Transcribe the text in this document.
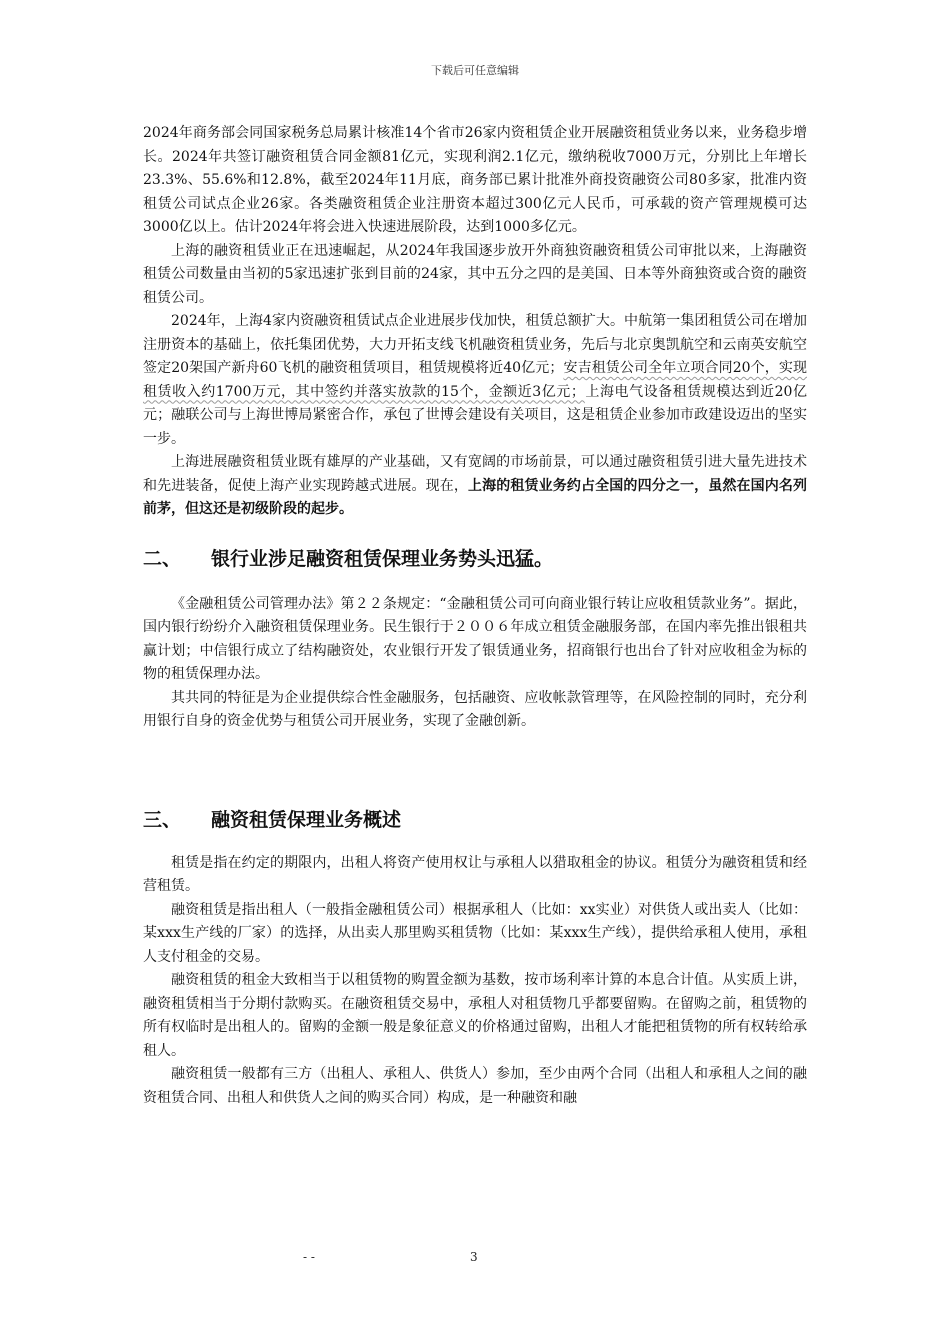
下载后可任意编辑

2024年商务部会同国家税务总局累计核准14个省市26家内资租赁企业开展融资租赁业务以来，业务稳步增长。2024年共签订融资租赁合同金额81亿元，实现利润2.1亿元，缴纳税收7000万元，分别比上年增长23.3%、55.6%和12.8%，截至2024年11月底，商务部已累计批准外商投资融资公司80多家，批准内资租赁公司试点企业26家。各类融资租赁企业注册资本超过300亿元人民币，可承载的资产管理规模可达3000亿以上。估计2024年将会进入快速进展阶段，达到1000多亿元。

上海的融资租赁业正在迅速崛起，从2024年我国逐步放开外商独资融资租赁公司审批以来，上海融资租赁公司数量由当初的5家迅速扩张到目前的24家，其中五分之四的是美国、日本等外商独资或合资的融资租赁公司。

2024年，上海4家内资融资租赁试点企业进展步伐加快，租赁总额扩大。中航第一集团租赁公司在增加注册资本的基础上，依托集团优势，大力开拓支线飞机融资租赁业务，先后与北京奥凯航空和云南英安航空签定20架国产新舟60飞机的融资租赁项目，租赁规模将近40亿元；安吉租赁公司全年立项合同20个，实现租赁收入约1700万元，其中签约并落实放款的15个，金额近3亿元；上海电气设备租赁规模达到近20亿元；融联公司与上海世博局紧密合作，承包了世博会建设有关项目，这是租赁企业参加市政建设迈出的坚实一步。

上海进展融资租赁业既有雄厚的产业基础，又有宽阔的市场前景，可以通过融资租赁引进大量先进技术和先进装备，促使上海产业实现跨越式进展。现在，上海的租赁业务约占全国的四分之一，虽然在国内名列前茅，但这还是初级阶段的起步。

二、 银行业涉足融资租赁保理业务势头迅猛。

《金融租赁公司管理办法》第２２条规定：“金融租赁公司可向商业银行转让应收租赁款业务”。据此，国内银行纷纷介入融资租赁保理业务。民生银行于２００６年成立租赁金融服务部，在国内率先推出银租共赢计划；中信银行成立了结构融资处，农业银行开发了银赁通业务，招商银行也出台了针对应收租金为标的物的租赁保理办法。

其共同的特征是为企业提供综合性金融服务，包括融资、应收帐款管理等，在风险控制的同时，充分利用银行自身的资金优势与租赁公司开展业务，实现了金融创新。

三、 融资租赁保理业务概述

租赁是指在约定的期限内，出租人将资产使用权让与承租人以猎取租金的协议。租赁分为融资租赁和经营租赁。

融资租赁是指出租人（一般指金融租赁公司）根据承租人（比如：xx实业）对供货人或出卖人（比如：某xxx生产线的厂家）的选择，从出卖人那里购买租赁物（比如：某xxx生产线），提供给承租人使用，承租人支付租金的交易。

融资租赁的租金大致相当于以租赁物的购置金额为基数，按市场利率计算的本息合计值。从实质上讲，融资租赁相当于分期付款购买。在融资租赁交易中，承租人对租赁物几乎都要留购。在留购之前，租赁物的所有权临时是出租人的。留购的金额一般是象征意义的价格通过留购，出租人才能把租赁物的所有权转给承租人。

融资租赁一般都有三方（出租人、承租人、供货人）参加，至少由两个合同（出租人和承租人之间的融资租赁合同、出租人和供货人之间的购买合同）构成，是一种融资和融

- -	3
